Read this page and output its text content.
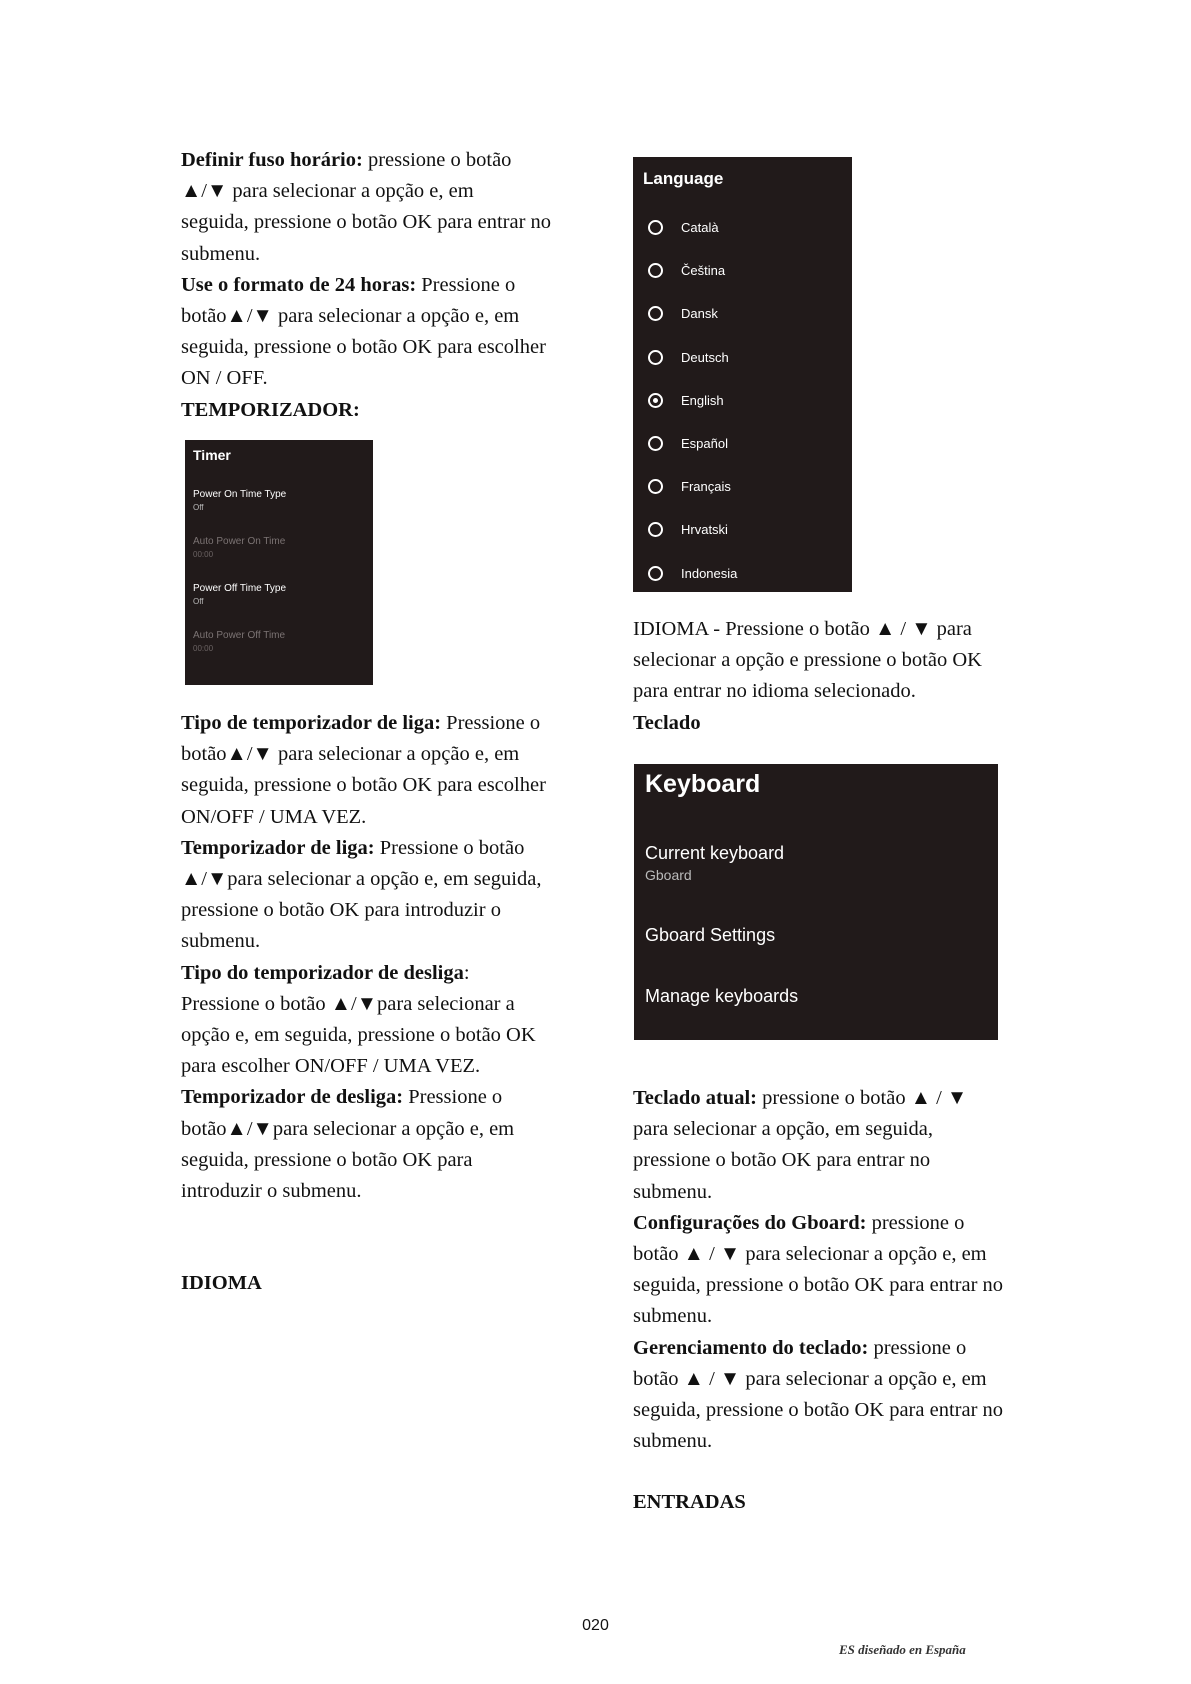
Definir fuso horário: pressione o botão
▲/▼ para selecionar a opção e, em
seguida, pressione o botão OK para entrar no
submenu.

Use o formato de 24 horas: Pressione o
botão▲/▼ para selecionar a opção e, em
seguida, pressione o botão OK para escolher
ON / OFF.

TEMPORIZADOR:

Timer
Power On Time Type
Off
Auto Power On Time
00:00
Power Off Time Type
Off
Auto Power Off Time
00:00

Tipo de temporizador de liga: Pressione o
botão▲/▼ para selecionar a opção e, em
seguida, pressione o botão OK para escolher
ON/OFF / UMA VEZ.

Temporizador de liga: Pressione o botão
▲/▼para selecionar a opção e, em seguida,
pressione o botão OK para introduzir o
submenu.

Tipo do temporizador de desliga:
Pressione o botão ▲/▼para selecionar a
opção e, em seguida, pressione o botão OK
para escolher ON/OFF / UMA VEZ.

Temporizador de desliga: Pressione o
botão▲/▼para selecionar a opção e, em
seguida, pressione o botão OK para
introduzir o submenu.

IDIOMA

Language
Català
Čeština
Dansk
Deutsch
English
Español
Français
Hrvatski
Indonesia

IDIOMA - Pressione o botão ▲ / ▼ para
selecionar a opção e pressione o botão OK
para entrar no idioma selecionado.

Teclado

Keyboard
Current keyboard
Gboard
Gboard Settings
Manage keyboards

Teclado atual: pressione o botão ▲ / ▼
para selecionar a opção, em seguida,
pressione o botão OK para entrar no
submenu.

Configurações do Gboard: pressione o
botão ▲ / ▼ para selecionar a opção e, em
seguida, pressione o botão OK para entrar no
submenu.

Gerenciamento do teclado: pressione o
botão ▲ / ▼ para selecionar a opção e, em
seguida, pressione o botão OK para entrar no
submenu.

ENTRADAS

020
ES diseñado en España
